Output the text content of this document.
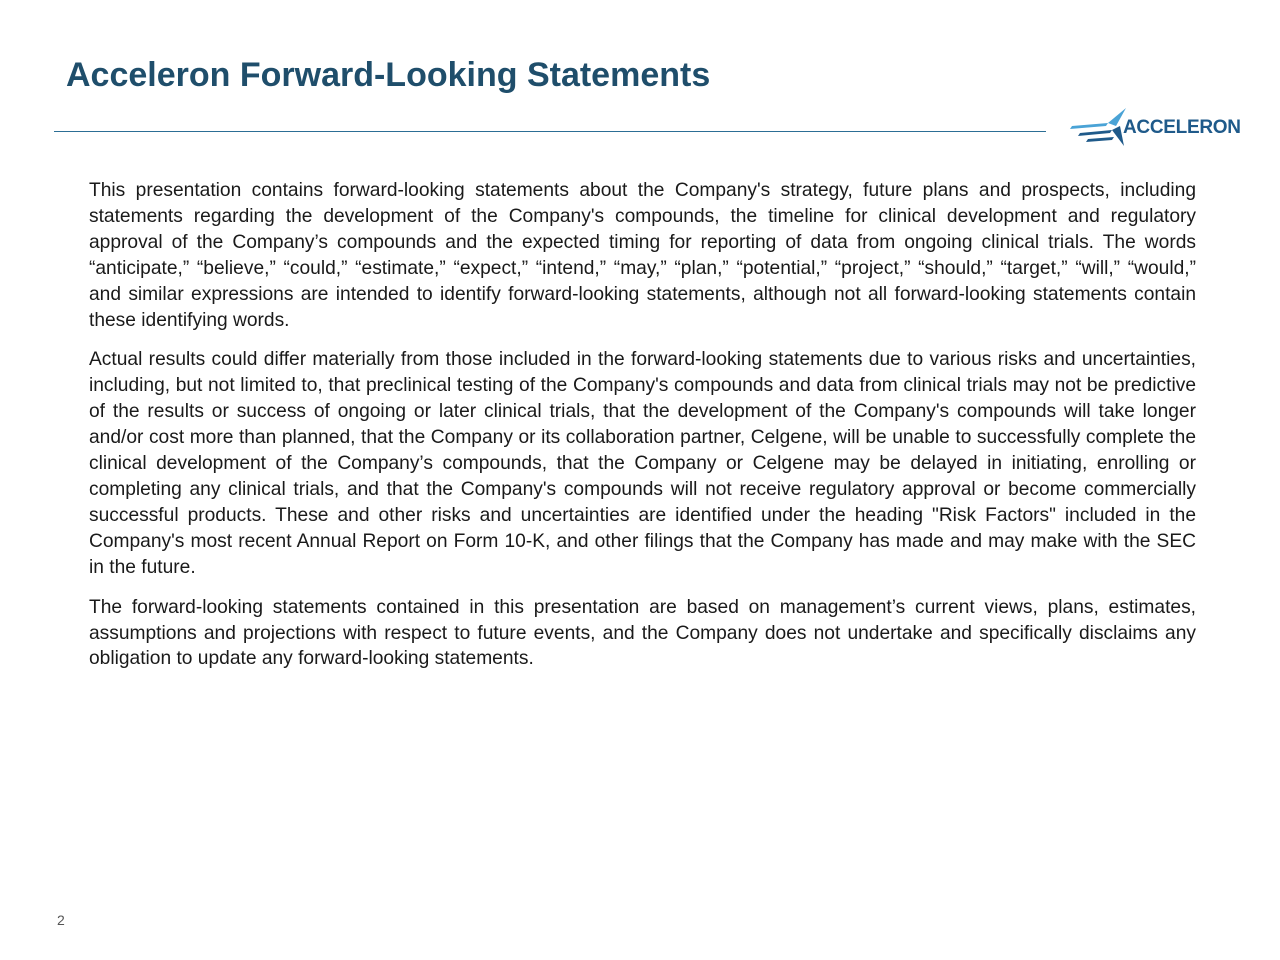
Acceleron Forward-Looking Statements
ACCELERON

This presentation contains forward-looking statements about the Company's strategy, future plans and prospects, including statements regarding the development of the Company's compounds, the timeline for clinical development and regulatory approval of the Company’s compounds and the expected timing for reporting of data from ongoing clinical trials. The words “anticipate,” “believe,” “could,” “estimate,” “expect,” “intend,” “may,” “plan,” “potential,” “project,” “should,” “target,” “will,” “would,” and similar expressions are intended to identify forward-looking statements, although not all forward-looking statements contain these identifying words.

Actual results could differ materially from those included in the forward-looking statements due to various risks and uncertainties, including, but not limited to, that preclinical testing of the Company's compounds and data from clinical trials may not be predictive of the results or success of ongoing or later clinical trials, that the development of the Company's compounds will take longer and/or cost more than planned, that the Company or its collaboration partner, Celgene, will be unable to successfully complete the clinical development of the Company’s compounds, that the Company or Celgene may be delayed in initiating, enrolling or completing any clinical trials, and that the Company's compounds will not receive regulatory approval or become commercially successful products. These and other risks and uncertainties are identified under the heading "Risk Factors" included in the Company's most recent Annual Report on Form 10-K, and other filings that the Company has made and may make with the SEC in the future.

The forward-looking statements contained in this presentation are based on management’s current views, plans, estimates, assumptions and projections with respect to future events, and the Company does not undertake and specifically disclaims any obligation to update any forward-looking statements.

2
